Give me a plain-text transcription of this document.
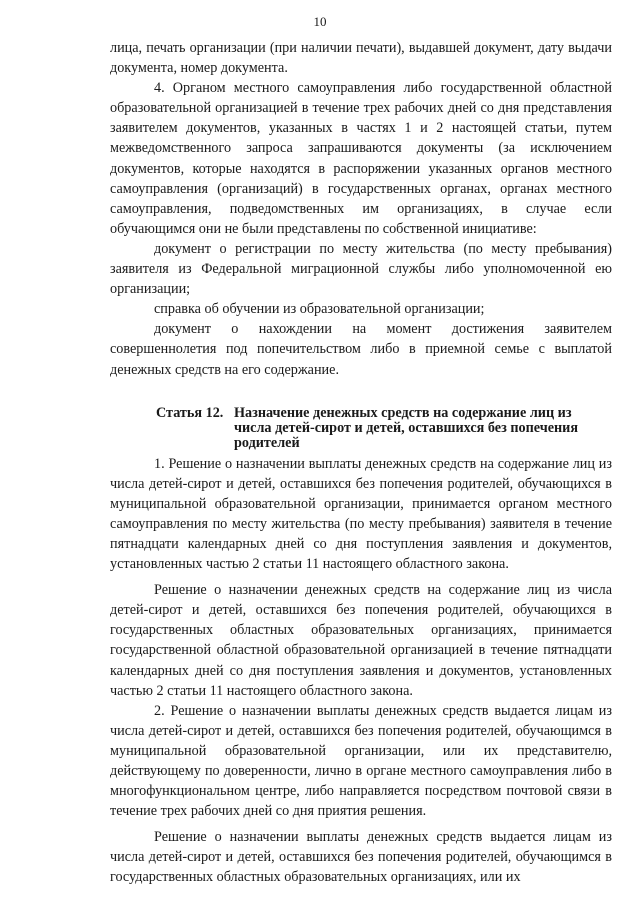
10

лица, печать организации (при наличии печати), выдавшей документ, дату выдачи документа, номер документа.

4. Органом местного самоуправления либо государственной областной образовательной организацией в течение трех рабочих дней со дня представления заявителем документов, указанных в частях 1 и 2 настоящей статьи, путем межведомственного запроса запрашиваются документы (за исключением документов, которые находятся в распоряжении указанных органов местного самоуправления (организаций) в государственных органах, органах местного самоуправления, подведомственных им организациях, в случае если обучающимся они не были представлены по собственной инициативе:

документ о регистрации по месту жительства (по месту пребывания) заявителя из Федеральной миграционной службы либо уполномоченной ею организации;

справка об обучении из образовательной организации;

документ о нахождении на момент достижения заявителем совершеннолетия под попечительством либо в приемной семье с выплатой денежных средств на его содержание.

Статья 12. Назначение денежных средств на содержание лиц из числа детей-сирот и детей, оставшихся без попечения родителей

1. Решение о назначении выплаты денежных средств на содержание лиц из числа детей-сирот и детей, оставшихся без попечения родителей, обучающихся в муниципальной образовательной организации, принимается органом местного самоуправления по месту жительства (по месту пребывания) заявителя в течение пятнадцати календарных дней со дня поступления заявления и документов, установленных частью 2 статьи 11 настоящего областного закона.

Решение о назначении денежных средств на содержание лиц из числа детей-сирот и детей, оставшихся без попечения родителей, обучающихся в государственных областных образовательных организациях, принимается государственной областной образовательной организацией в течение пятнадцати календарных дней со дня поступления заявления и документов, установленных частью 2 статьи 11 настоящего областного закона.

2. Решение о назначении выплаты денежных средств выдается лицам из числа детей-сирот и детей, оставшихся без попечения родителей, обучающимся в муниципальной образовательной организации, или их представителю, действующему по доверенности, лично в органе местного самоуправления либо в многофункциональном центре, либо направляется посредством почтовой связи в течение трех рабочих дней со дня приятия решения.

Решение о назначении выплаты денежных средств выдается лицам из числа детей-сирот и детей, оставшихся без попечения родителей, обучающимся в государственных областных образовательных организациях, или их
